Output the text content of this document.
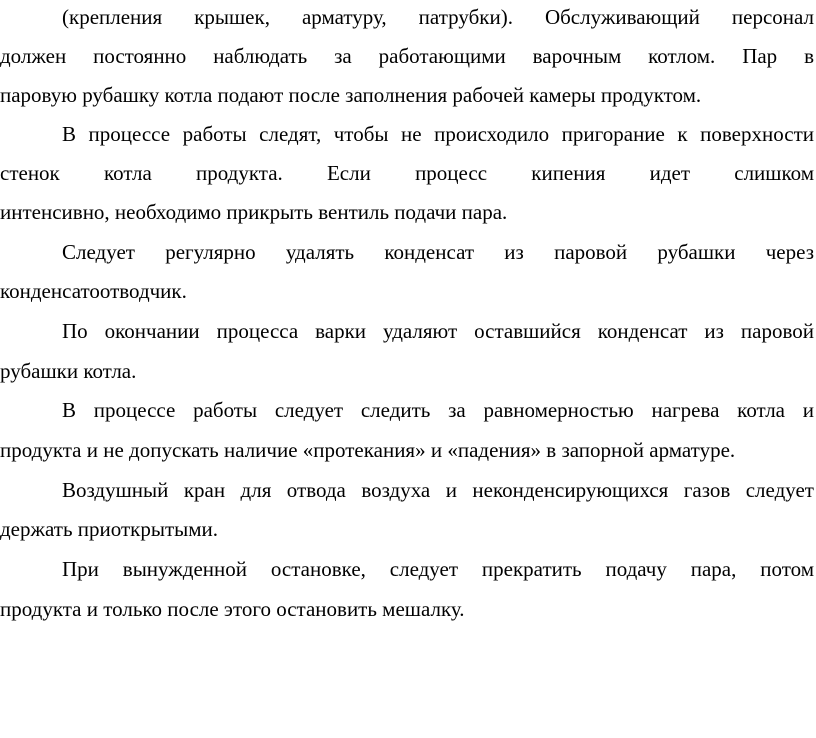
(крепления крышек, арматуру, патрубки). Обслуживающий персонал
должен постоянно наблюдать за работающими варочным котлом. Пар в
паровую рубашку котла подают после заполнения рабочей камеры продуктом.
В процессе работы следят, чтобы не происходило пригорание к поверхности
стенок котла продукта. Если процесс кипения идет слишком
интенсивно, необходимо прикрыть вентиль подачи пара.
Следует регулярно удалять конденсат из паровой рубашки через
конденсатоотводчик.
По окончании процесса варки удаляют оставшийся конденсат из паровой
рубашки котла.
В процессе работы следует следить за равномерностью нагрева котла и
продукта и не допускать наличие «протекания» и «падения» в запорной арматуре.
Воздушный кран для отвода воздуха и неконденсирующихся газов следует
держать приоткрытыми.
При вынужденной остановке, следует прекратить подачу пара, потом
продукта и только после этого остановить мешалку.
